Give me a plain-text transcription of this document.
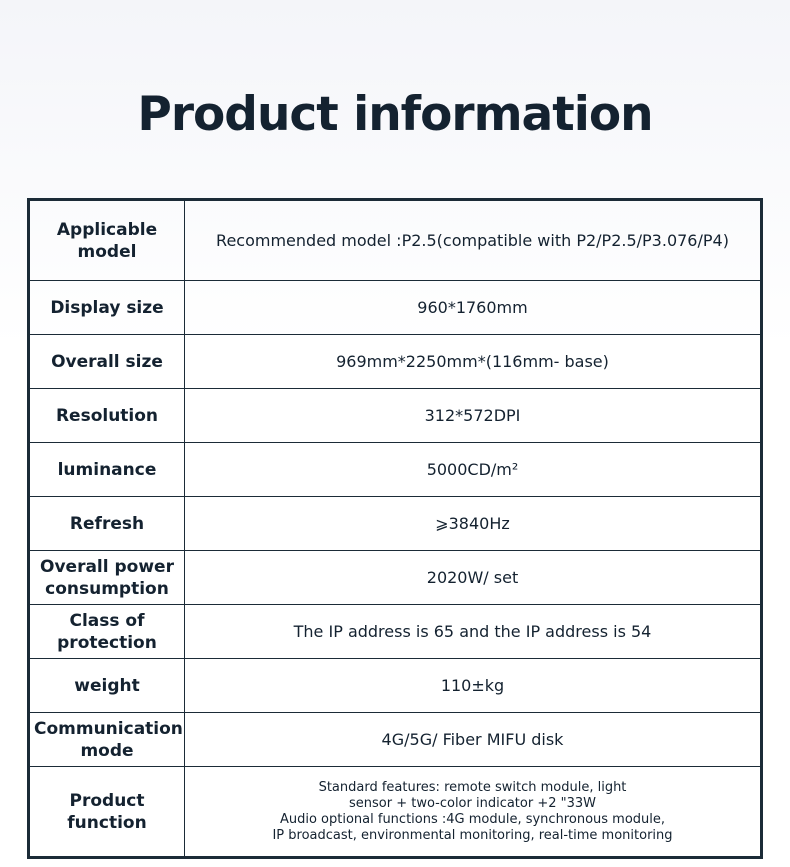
Product information
Applicable model	Recommended model :P2.5(compatible with P2/P2.5/P3.076/P4)
Display size	960*1760mm
Overall size	969mm*2250mm*(116mm- base)
Resolution	312*572DPI
luminance	5000CD/m²
Refresh	⩾3840Hz
Overall power consumption	2020W/ set
Class of protection	The IP address is 65 and the IP address is 54
weight	110±kg
Communication mode	4G/5G/ Fiber MIFU disk
Product function	Standard features: remote switch module, light
sensor + two-color indicator +2 "33W
Audio optional functions :4G module, synchronous module,
IP broadcast, environmental monitoring, real-time monitoring
